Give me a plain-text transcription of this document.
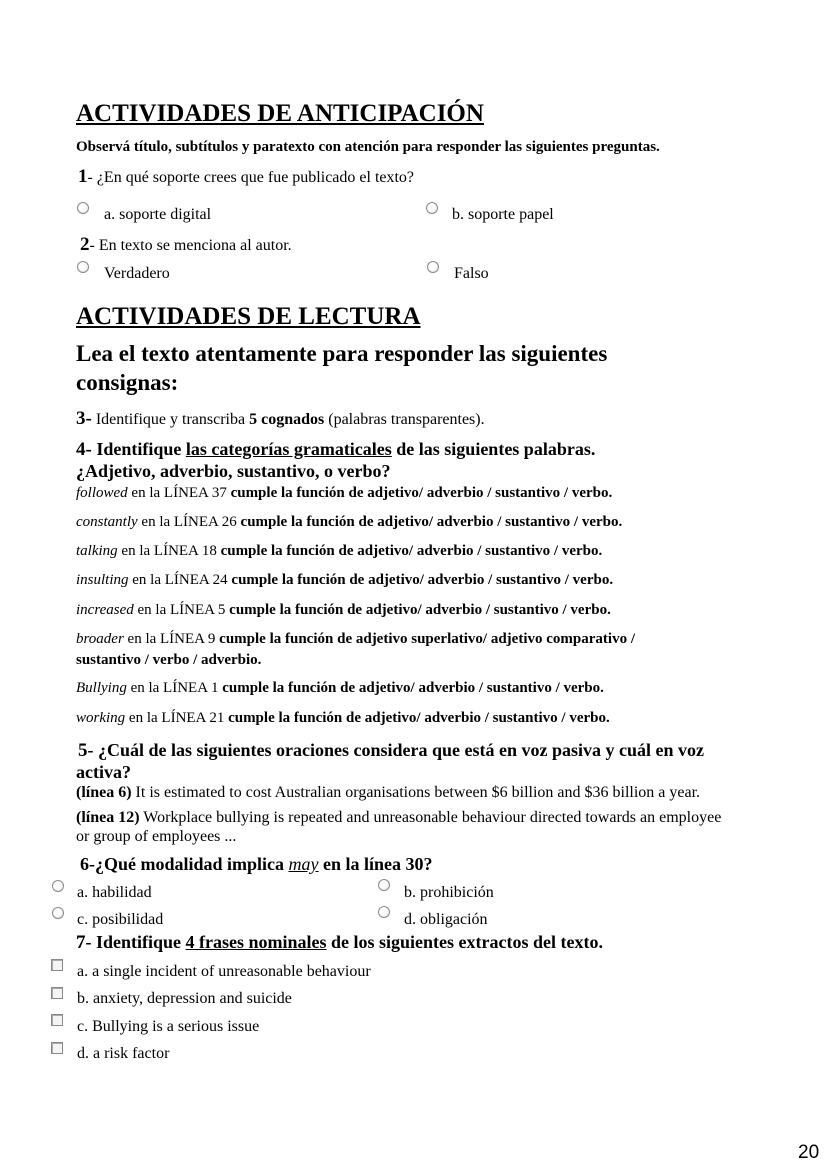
ACTIVIDADES DE ANTICIPACIÓN
Observá título, subtítulos y paratexto con atención para responder las siguientes preguntas.
1- ¿En qué soporte crees que fue publicado el texto?
a. soporte digital	b. soporte papel
2- En texto se menciona al autor.
Verdadero	Falso
ACTIVIDADES DE LECTURA
Lea el texto atentamente para responder las siguientes
consignas:
3- Identifique y transcriba 5 cognados (palabras transparentes).
4- Identifique las categorías gramaticales de las siguientes palabras.
¿Adjetivo, adverbio, sustantivo, o verbo?
followed en la LÍNEA 37 cumple la función de adjetivo/ adverbio / sustantivo / verbo.
constantly en la LÍNEA 26 cumple la función de adjetivo/ adverbio / sustantivo / verbo.
talking en la LÍNEA 18 cumple la función de adjetivo/ adverbio / sustantivo / verbo.
insulting en la LÍNEA 24 cumple la función de adjetivo/ adverbio / sustantivo / verbo.
increased en la LÍNEA 5 cumple la función de adjetivo/ adverbio / sustantivo / verbo.
broader en la LÍNEA 9 cumple la función de adjetivo superlativo/ adjetivo comparativo /
sustantivo / verbo / adverbio.
Bullying en la LÍNEA 1 cumple la función de adjetivo/ adverbio / sustantivo / verbo.
working en la LÍNEA 21 cumple la función de adjetivo/ adverbio / sustantivo / verbo.
5- ¿Cuál de las siguientes oraciones considera que está en voz pasiva y cuál en voz
activa?
(línea 6) It is estimated to cost Australian organisations between $6 billion and $36 billion a year.
(línea 12) Workplace bullying is repeated and unreasonable behaviour directed towards an employee
or group of employees ...
6-¿Qué modalidad implica may en la línea 30?
a. habilidad	b. prohibición
c. posibilidad	d. obligación
7- Identifique 4 frases nominales de los siguientes extractos del texto.
a. a single incident of unreasonable behaviour
b. anxiety, depression and suicide
c. Bullying is a serious issue
d. a risk factor
20
